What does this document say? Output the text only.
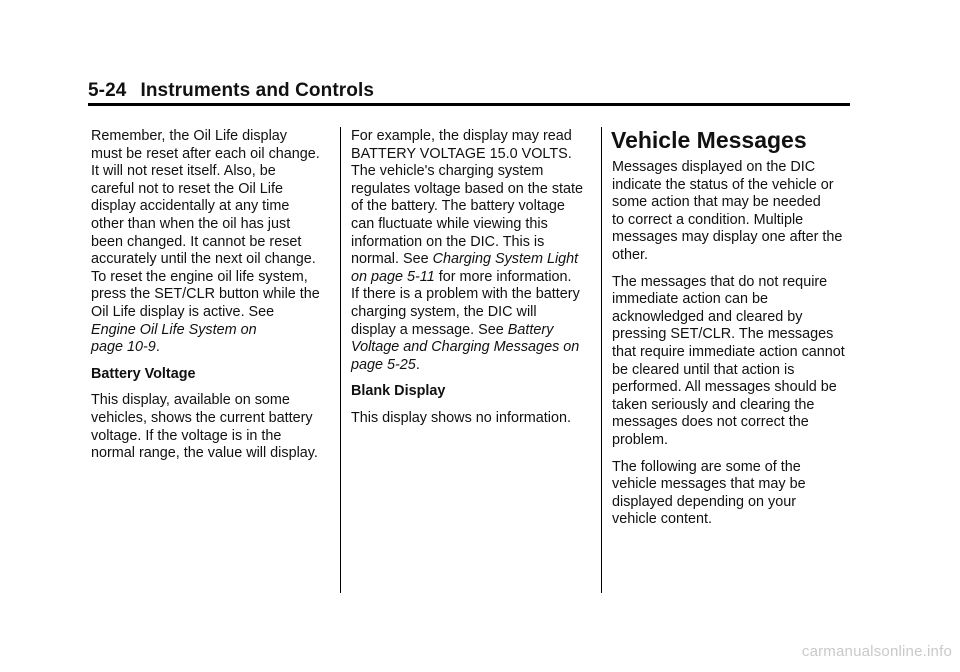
5-24 Instruments and Controls

Remember, the Oil Life display
must be reset after each oil change.
It will not reset itself. Also, be
careful not to reset the Oil Life
display accidentally at any time
other than when the oil has just
been changed. It cannot be reset
accurately until the next oil change.
To reset the engine oil life system,
press the SET/CLR button while the
Oil Life display is active. See
Engine Oil Life System on
page 10-9.

Battery Voltage

This display, available on some
vehicles, shows the current battery
voltage. If the voltage is in the
normal range, the value will display.

For example, the display may read
BATTERY VOLTAGE 15.0 VOLTS.
The vehicle's charging system
regulates voltage based on the state
of the battery. The battery voltage
can fluctuate while viewing this
information on the DIC. This is
normal. See Charging System Light
on page 5-11 for more information.
If there is a problem with the battery
charging system, the DIC will
display a message. See Battery
Voltage and Charging Messages on
page 5-25.

Blank Display

This display shows no information.

Vehicle Messages

Messages displayed on the DIC
indicate the status of the vehicle or
some action that may be needed
to correct a condition. Multiple
messages may display one after the
other.

The messages that do not require
immediate action can be
acknowledged and cleared by
pressing SET/CLR. The messages
that require immediate action cannot
be cleared until that action is
performed. All messages should be
taken seriously and clearing the
messages does not correct the
problem.

The following are some of the
vehicle messages that may be
displayed depending on your
vehicle content.

carmanualsonline.info
